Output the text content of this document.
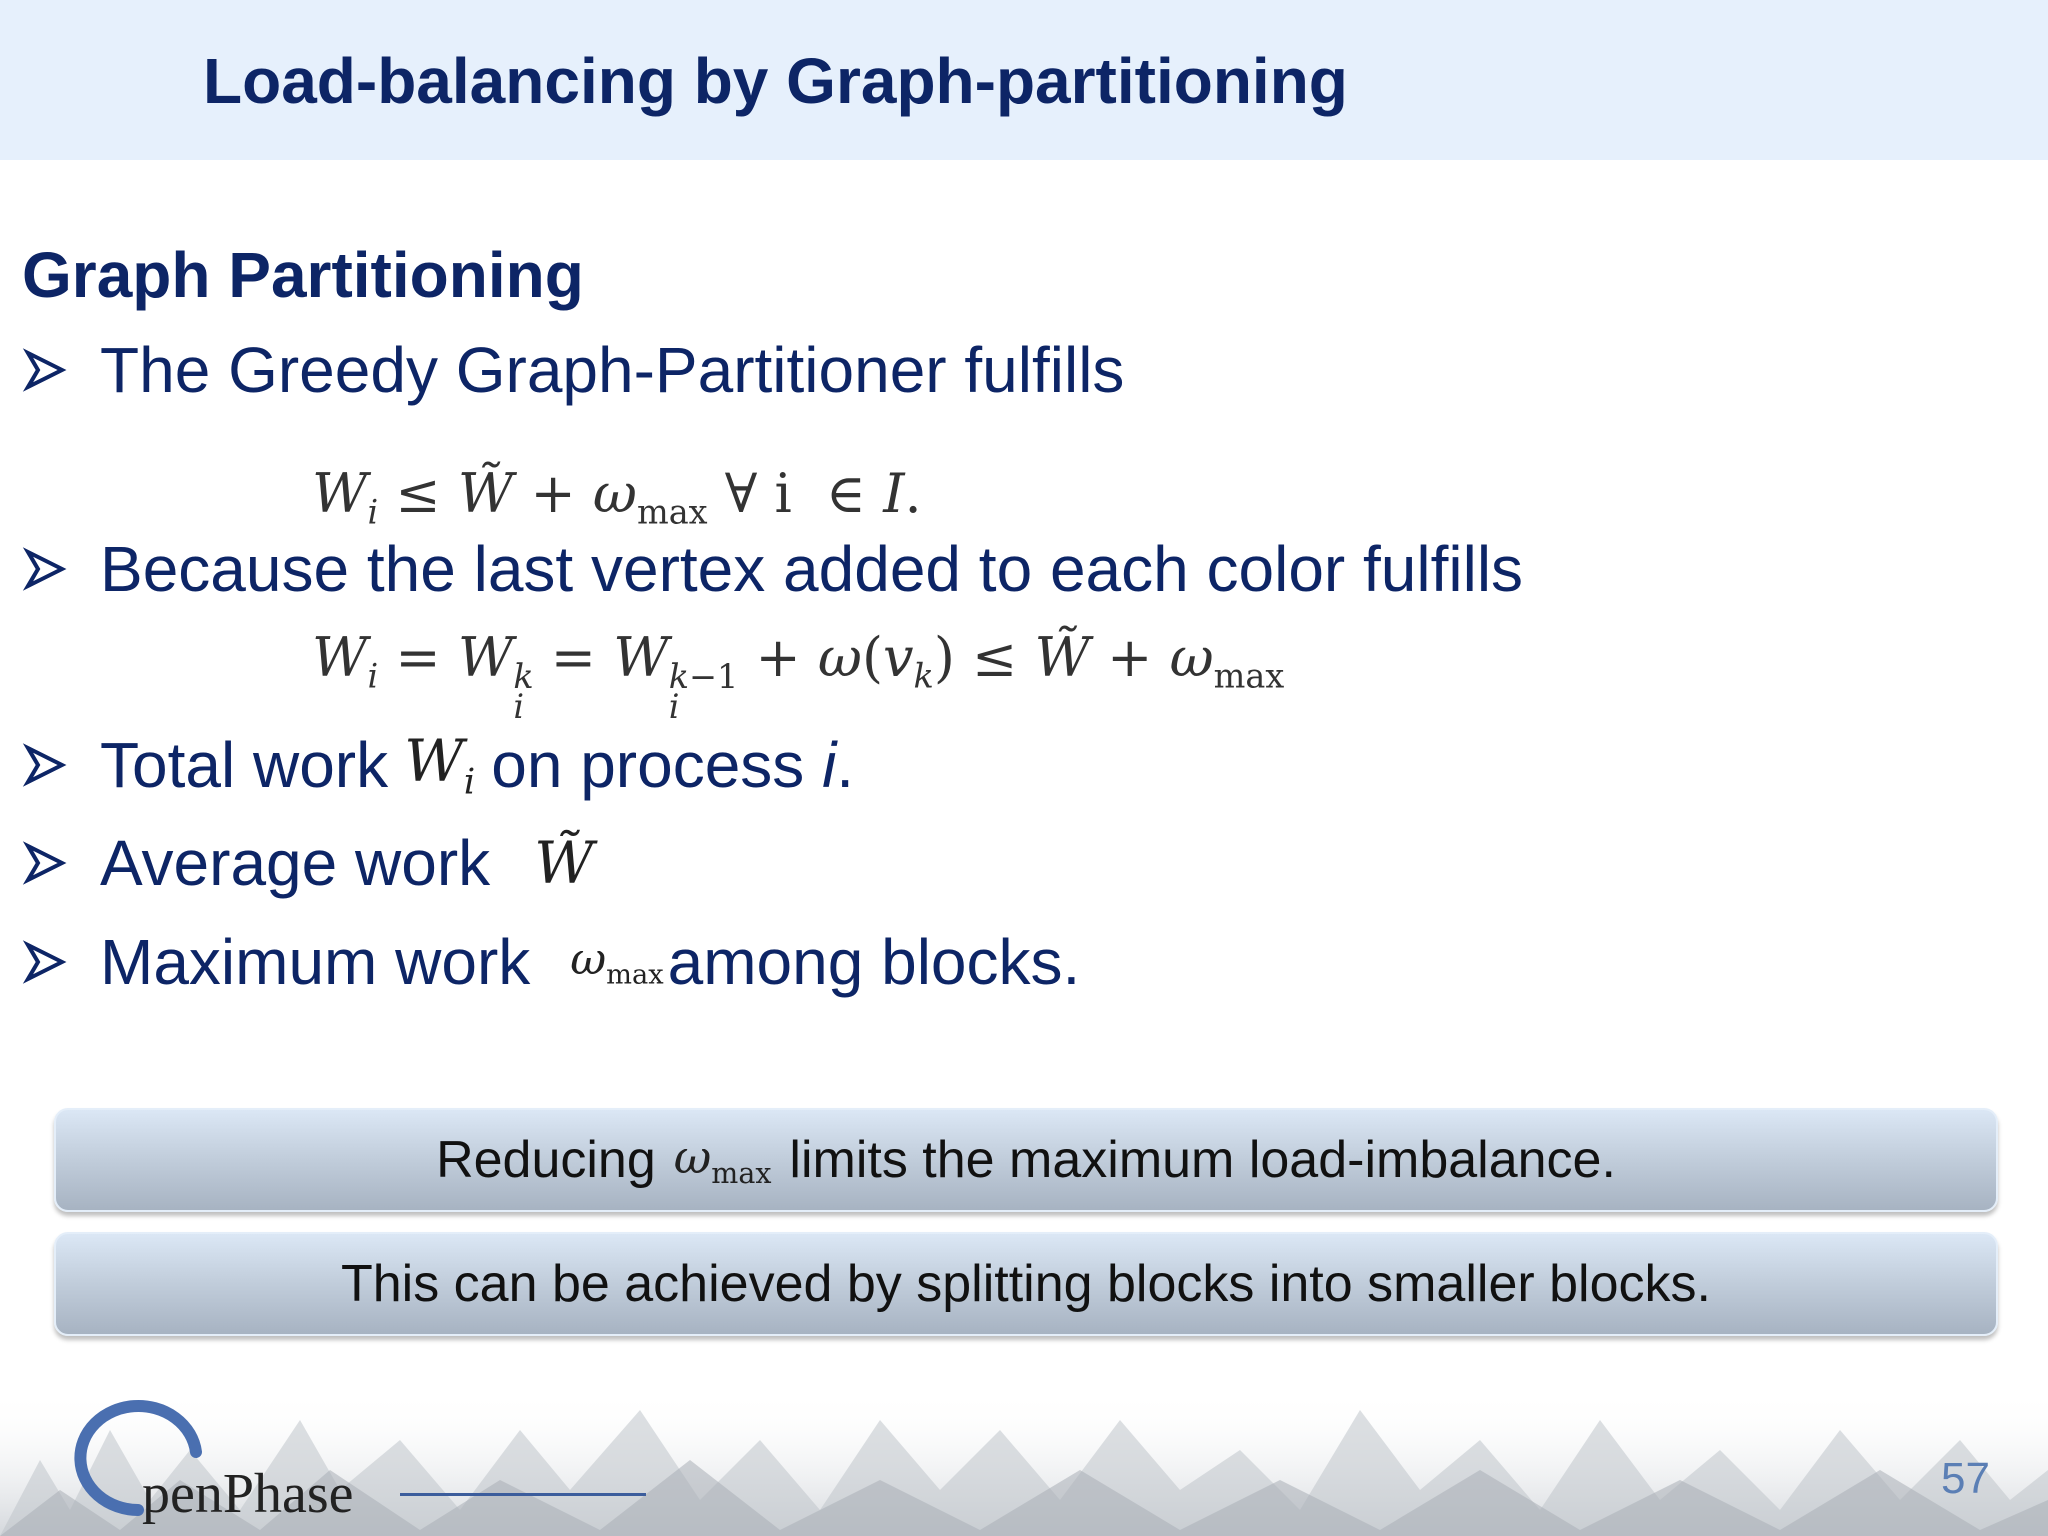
Load-balancing by Graph-partitioning
Graph Partitioning
The Greedy Graph-Partitioner fulfills
$W_i$ ≤ W̃ + $\omega_{max}$ ∀ i  ∈ I.
Because the last vertex added to each color fulfills
$W_i = W$ k
i
= W k−1
i
+ $\omega(v_k)$ ≤ W̃ + $\omega_{max}$
Total work $W_i$ on process i .
Average work W̃
Maximum work $\omega_{max}$ among blocks.
Reducing $\omega_{max}$ limits the maximum load-imbalance.
This can be achieved by splitting blocks into smaller blocks.
penPhase	57
